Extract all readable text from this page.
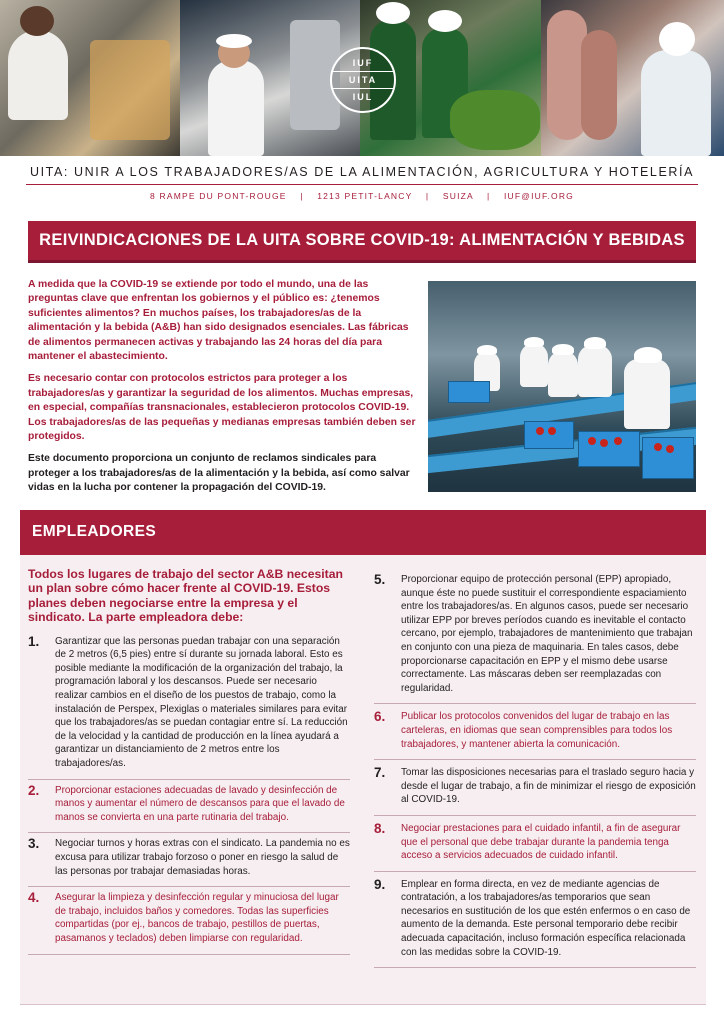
IUF
UITA
IUL
UITA: UNIR A LOS TRABAJADORES/AS DE LA ALIMENTACIÓN, AGRICULTURA Y HOTELERÍA
8 RAMPE DU PONT-ROUGE | 1213 PETIT-LANCY | SUIZA | IUF@IUF.ORG
REIVINDICACIONES DE LA UITA SOBRE COVID-19: ALIMENTACIÓN Y BEBIDAS

A medida que la COVID-19 se extiende por todo el mundo, una de las preguntas clave que enfrentan los gobiernos y el público es: ¿tenemos suficientes alimentos? En muchos países, los trabajadores/as de la alimentación y la bebida (A&B) han sido designados esenciales. Las fábricas de alimentos permanecen activas y trabajando las 24 horas del día para mantener el abastecimiento.

Es necesario contar con protocolos estrictos para proteger a los trabajadores/as y garantizar la seguridad de los alimentos. Muchas empresas, en especial, compañías transnacionales, establecieron protocolos COVID-19. Los trabajadores/as de las pequeñas y medianas empresas también deben ser protegidos.

Este documento proporciona un conjunto de reclamos sindicales para proteger a los trabajadores/as de la alimentación y la bebida, así como salvar vidas en la lucha por contener la propagación del COVID-19.

EMPLEADORES

Todos los lugares de trabajo del sector A&B necesitan un plan sobre cómo hacer frente al COVID-19. Estos planes deben negociarse entre la empresa y el sindicato. La parte empleadora debe:

1.	Garantizar que las personas puedan trabajar con una separación de 2 metros (6,5 pies) entre sí durante su jornada laboral. Esto es posible mediante la modificación de la organización del trabajo, la programación laboral y los descansos. Puede ser necesario realizar cambios en el diseño de los puestos de trabajo, como la instalación de Perspex, Plexiglas o materiales similares para evitar que los trabajadores/as se puedan contagiar entre sí. La reducción de la velocidad y la cantidad de producción en la línea ayudará a garantizar un distanciamiento de 2 metros entre los trabajadores/as.
2.	Proporcionar estaciones adecuadas de lavado y desinfección de manos y aumentar el número de descansos para que el lavado de manos se convierta en una parte rutinaria del trabajo.
3.	Negociar turnos y horas extras con el sindicato. La pandemia no es excusa para utilizar trabajo forzoso o poner en riesgo la salud de las personas por trabajar demasiadas horas.
4.	Asegurar la limpieza y desinfección regular y minuciosa del lugar de trabajo, incluidos baños y comedores. Todas las superficies compartidas (por ej., bancos de trabajo, pestillos de puertas, pasamanos y teclados) deben limpiarse con regularidad.
5.	Proporcionar equipo de protección personal (EPP) apropiado, aunque éste no puede sustituir el correspondiente espaciamiento entre los trabajadores/as. En algunos casos, puede ser necesario utilizar EPP por breves períodos cuando es inevitable el contacto cercano, por ejemplo, trabajadores de mantenimiento que trabajan en conjunto con una pieza de maquinaria. En tales casos, debe proporcionarse capacitación en EPP y el mismo debe usarse correctamente. Las máscaras deben ser reemplazadas con regularidad.
6.	Publicar los protocolos convenidos del lugar de trabajo en las carteleras, en idiomas que sean comprensibles para todos los trabajadores, y mantener abierta la comunicación.
7.	Tomar las disposiciones necesarias para el traslado seguro hacia y desde el lugar de trabajo, a fin de minimizar el riesgo de exposición al COVID-19.
8.	Negociar prestaciones para el cuidado infantil, a fin de asegurar que el personal que debe trabajar durante la pandemia tenga acceso a servicios adecuados de cuidado infantil.
9.	Emplear en forma directa, en vez de mediante agencias de contratación, a los trabajadores/as temporarios que sean necesarios en sustitución de los que estén enfermos o en caso de aumento de la demanda. Este personal temporario debe recibir adecuada capacitación, incluso formación específica relacionada con las medidas sobre la COVID-19.
